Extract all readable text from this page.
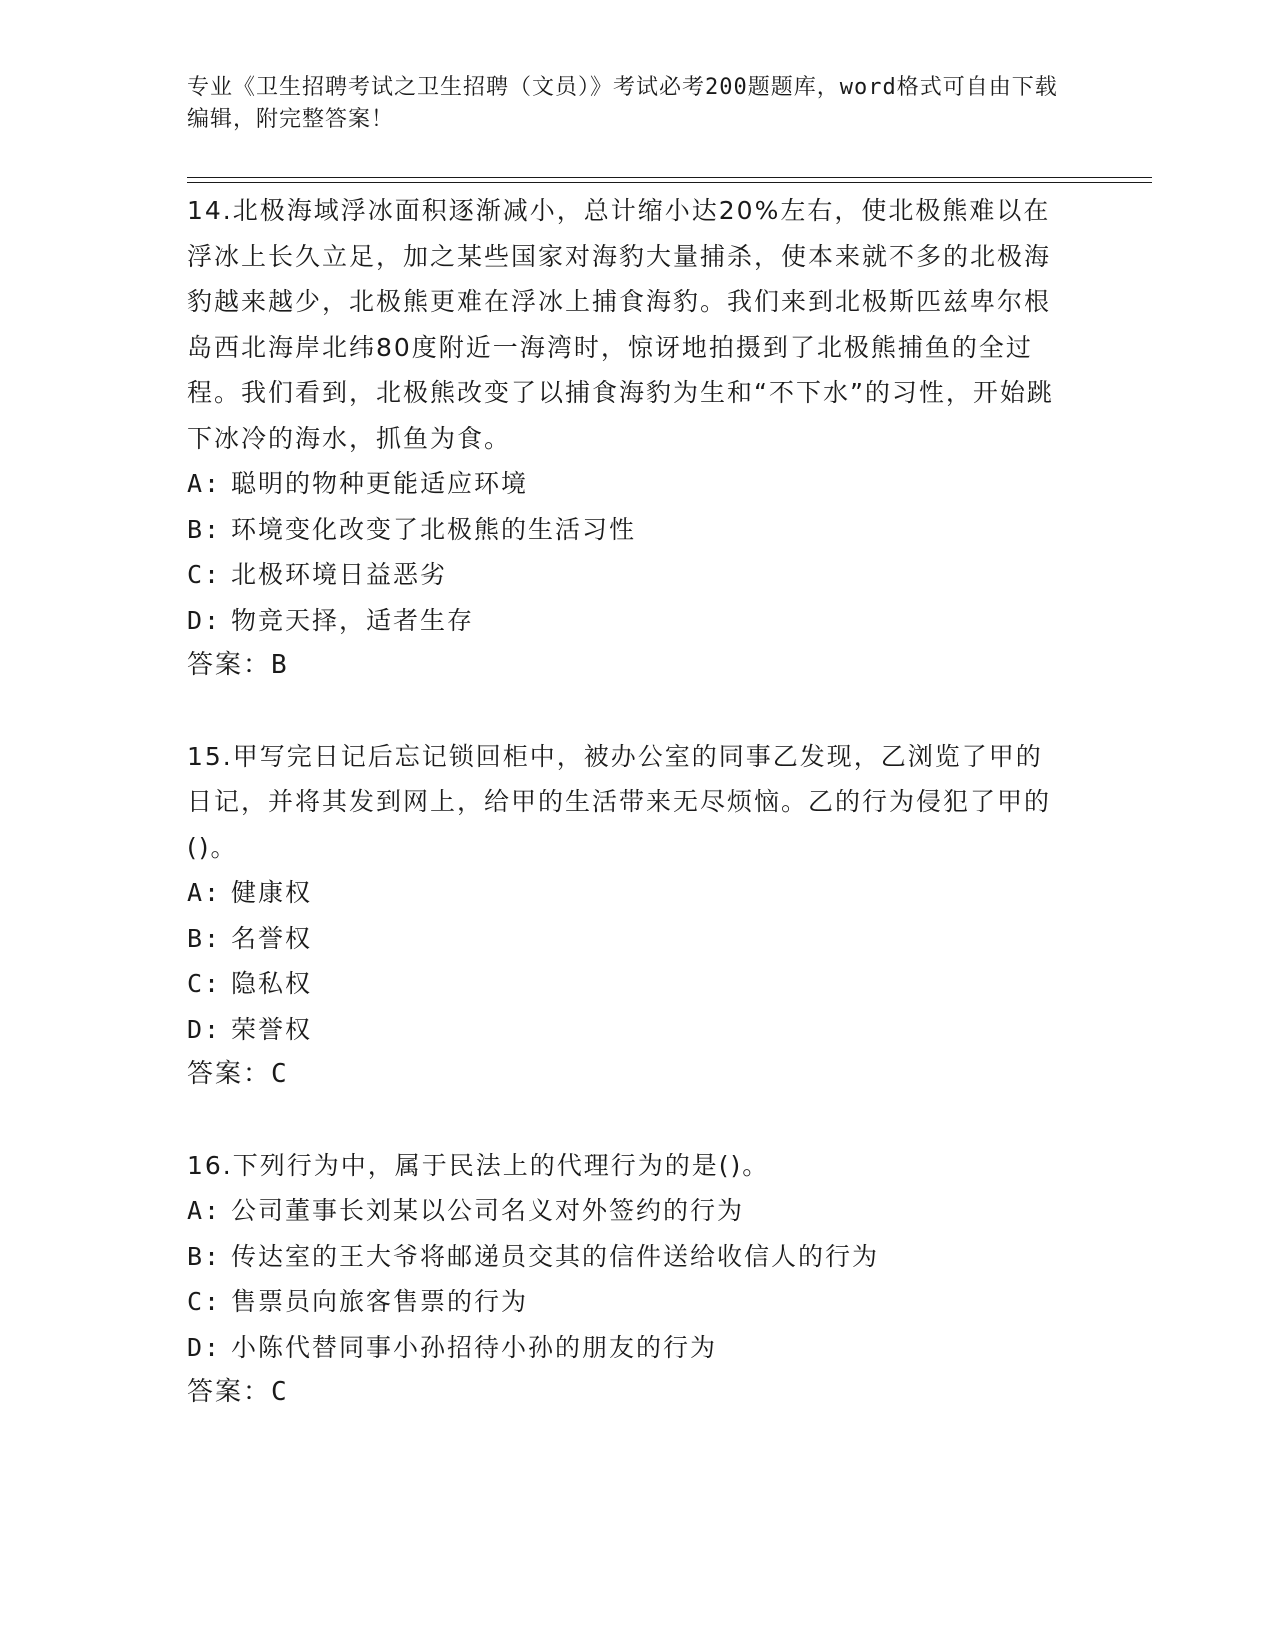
专业《卫生招聘考试之卫生招聘（文员）》考试必考200题题库，word格式可自由下载编辑，附完整答案！

14.北极海域浮冰面积逐渐减小，总计缩小达20%左右，使北极熊难以在浮冰上长久立足，加之某些国家对海豹大量捕杀，使本来就不多的北极海豹越来越少，北极熊更难在浮冰上捕食海豹。我们来到北极斯匹兹卑尔根岛西北海岸北纬80度附近一海湾时，惊讶地拍摄到了北极熊捕鱼的全过程。我们看到，北极熊改变了以捕食海豹为生和“不下水”的习性，开始跳下冰冷的海水，抓鱼为食。

A: 聪明的物种更能适应环境

B: 环境变化改变了北极熊的生活习性

C: 北极环境日益恶劣

D: 物竞天择，适者生存

答案：B

15.甲写完日记后忘记锁回柜中，被办公室的同事乙发现，乙浏览了甲的日记，并将其发到网上，给甲的生活带来无尽烦恼。乙的行为侵犯了甲的()。

A: 健康权

B: 名誉权

C: 隐私权

D: 荣誉权

答案：C

16.下列行为中，属于民法上的代理行为的是()。

A: 公司董事长刘某以公司名义对外签约的行为

B: 传达室的王大爷将邮递员交其的信件送给收信人的行为

C: 售票员向旅客售票的行为

D: 小陈代替同事小孙招待小孙的朋友的行为

答案：C
